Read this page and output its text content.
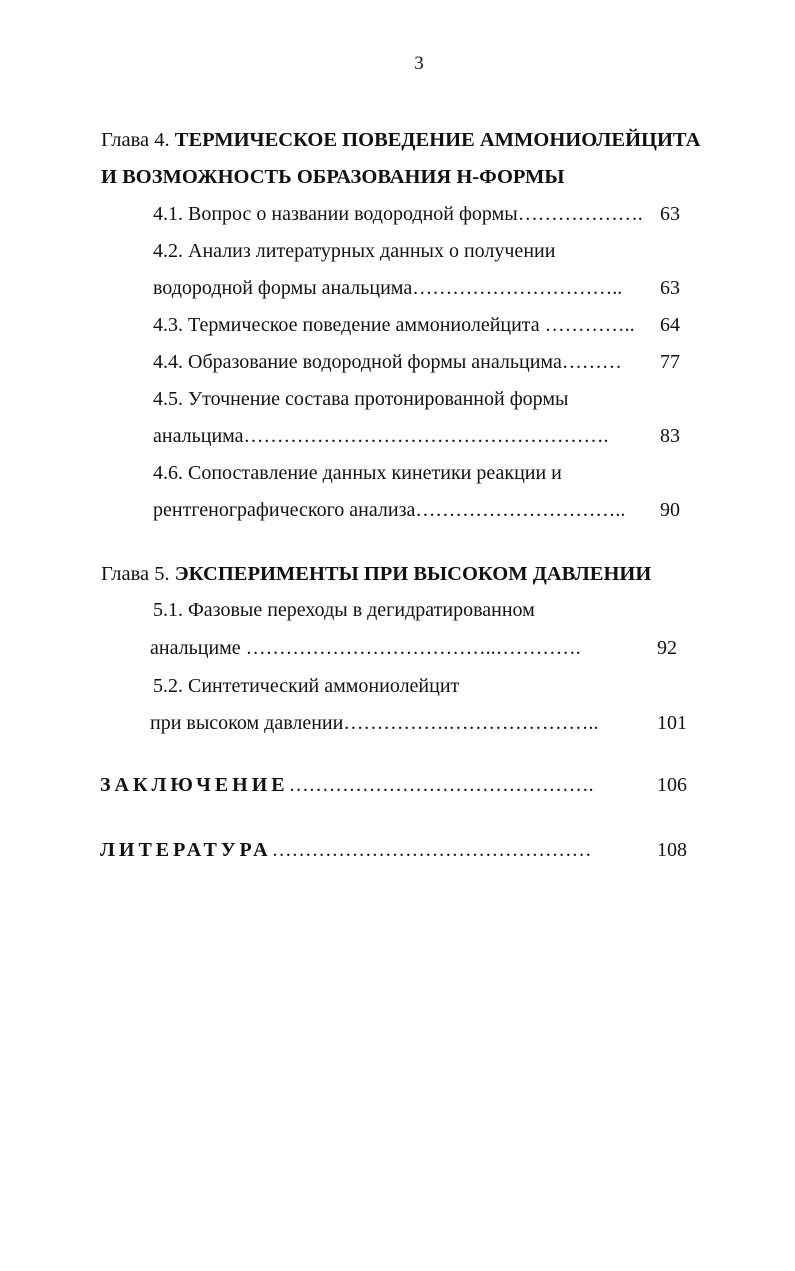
3
Глава 4. ТЕРМИЧЕСКОЕ ПОВЕДЕНИЕ АММОНИОЛЕЙЦИТА
И ВОЗМОЖНОСТЬ ОБРАЗОВАНИЯ Н-ФОРМЫ
4.1. Вопрос о названии водородной формы………………. 63
4.2. Анализ литературных данных о получении
водородной формы анальцима…………………………..	63
4.3. Термическое поведение аммониолейцита …………..	64
4.4. Образование водородной формы анальцима………	77
4.5. Уточнение состава протонированной формы
анальцима……………………………………………….	83
4.6. Сопоставление данных кинетики реакции и
рентгенографического анализа…………………………..	90
Глава 5. ЭКСПЕРИМЕНТЫ ПРИ ВЫСОКОМ ДАВЛЕНИИ
5.1. Фазовые переходы в дегидратированном
анальциме ………………………………..………….	92
5.2. Синтетический аммониолейцит
при высоком давлении…………….…………………..	101
ЗАКЛЮЧЕНИЕ……………………………………….	106
ЛИТЕРАТУРА…………………………………………	108
